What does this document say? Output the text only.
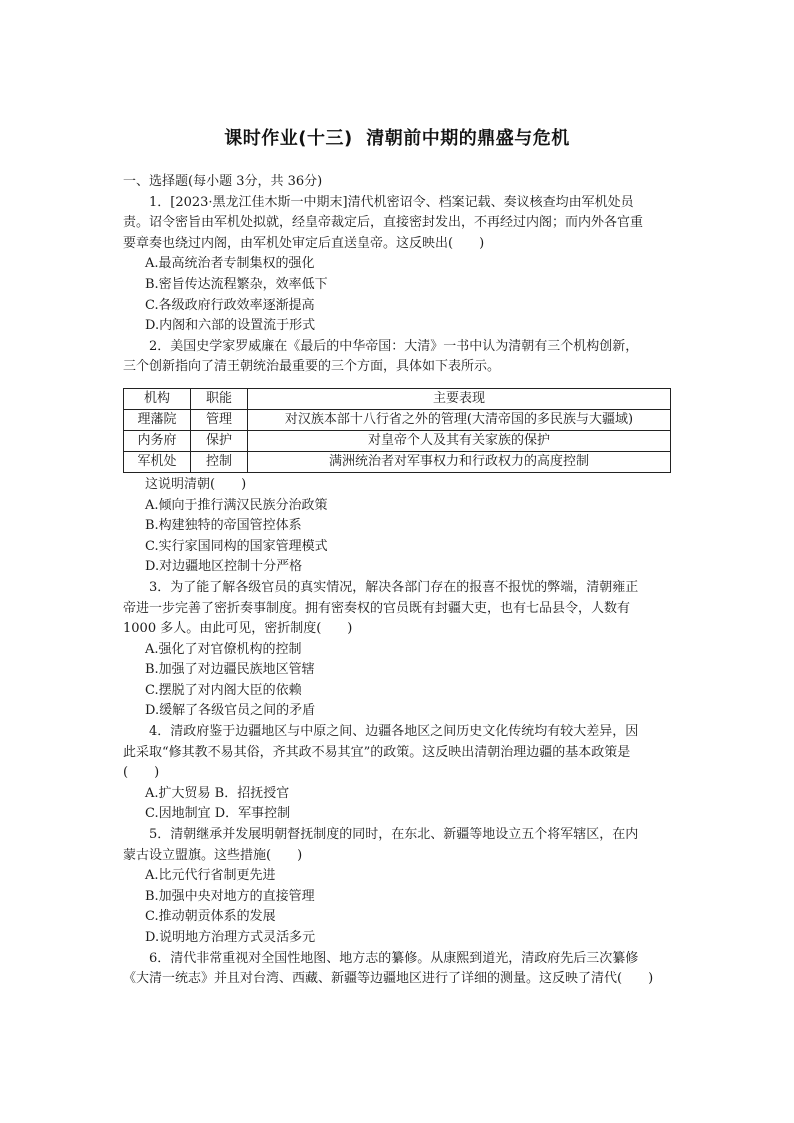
课时作业(十三)  清朝前中期的鼎盛与危机
一、选择题(每小题 3分，共 36分)
1．[2023·黑龙江佳木斯一中期末]清代机密诏令、档案记载、奏议核查均由军机处员
责。诏令密旨由军机处拟就，经皇帝裁定后，直接密封发出，不再经过内阁；而内外各官重
要章奏也绕过内阁，由军机处审定后直送皇帝。这反映出(　　)
A.最高统治者专制集权的强化
B.密旨传达流程繁杂，效率低下
C.各级政府行政效率逐渐提高
D.内阁和六部的设置流于形式
2．美国史学家罗威廉在《最后的中华帝国：大清》一书中认为清朝有三个机构创新，
三个创新指向了清王朝统治最重要的三个方面，具体如下表所示。
机构	职能	主要表现
理藩院	管理	对汉族本部十八行省之外的管理(大清帝国的多民族与大疆域)
内务府	保护	对皇帝个人及其有关家族的保护
军机处	控制	满洲统治者对军事权力和行政权力的高度控制
这说明清朝(　　)
A.倾向于推行满汉民族分治政策
B.构建独特的帝国管控体系
C.实行家国同构的国家管理模式
D.对边疆地区控制十分严格
3．为了能了解各级官员的真实情况，解决各部门存在的报喜不报忧的弊端，清朝雍正
帝进一步完善了密折奏事制度。拥有密奏权的官员既有封疆大吏，也有七品县令，人数有
1000 多人。由此可见，密折制度(　　)
A.强化了对官僚机构的控制
B.加强了对边疆民族地区管辖
C.摆脱了对内阁大臣的依赖
D.缓解了各级官员之间的矛盾
4．清政府鉴于边疆地区与中原之间、边疆各地区之间历史文化传统均有较大差异，因
此采取“修其教不易其俗，齐其政不易其宜”的政策。这反映出清朝治理边疆的基本政策是
(　　)
A.扩大贸易 B．招抚授官
C.因地制宜 D．军事控制
5．清朝继承并发展明朝督抚制度的同时，在东北、新疆等地设立五个将军辖区，在内
蒙古设立盟旗。这些措施(　　)
A.比元代行省制更先进
B.加强中央对地方的直接管理
C.推动朝贡体系的发展
D.说明地方治理方式灵活多元
6．清代非常重视对全国性地图、地方志的纂修。从康熙到道光，清政府先后三次纂修
《大清一统志》并且对台湾、西藏、新疆等边疆地区进行了详细的测量。这反映了清代(　　)
